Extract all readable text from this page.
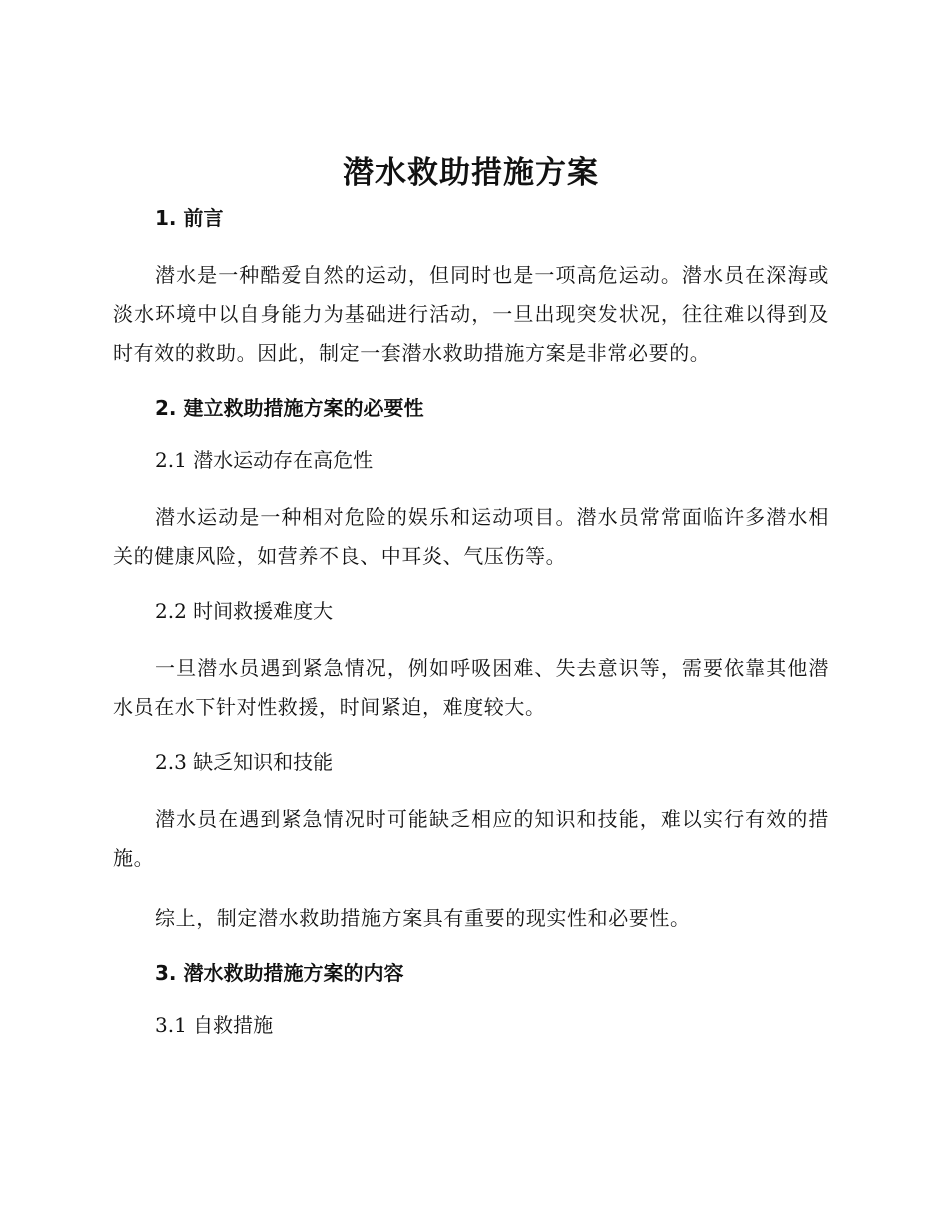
潜水救助措施方案
1. 前言

潜水是一种酷爱自然的运动，但同时也是一项高危运动。潜水员在深海或淡水环境中以自身能力为基础进行活动，一旦出现突发状况，往往难以得到及时有效的救助。因此，制定一套潜水救助措施方案是非常必要的。

2. 建立救助措施方案的必要性
2.1 潜水运动存在高危性

潜水运动是一种相对危险的娱乐和运动项目。潜水员常常面临许多潜水相关的健康风险，如营养不良、中耳炎、气压伤等。

2.2 时间救援难度大

一旦潜水员遇到紧急情况，例如呼吸困难、失去意识等，需要依靠其他潜水员在水下针对性救援，时间紧迫，难度较大。

2.3 缺乏知识和技能

潜水员在遇到紧急情况时可能缺乏相应的知识和技能，难以实行有效的措施。

综上，制定潜水救助措施方案具有重要的现实性和必要性。

3. 潜水救助措施方案的内容
3.1 自救措施
